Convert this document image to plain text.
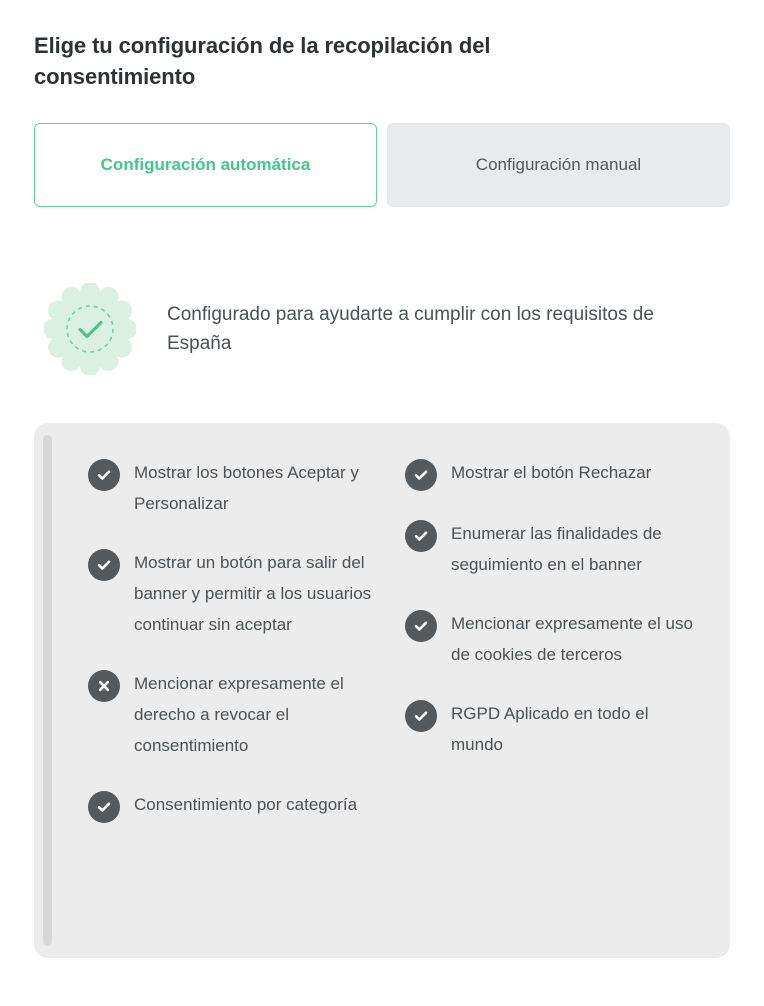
Elige tu configuración de la recopilación del consentimiento
Configuración automática	Configuración manual
Configurado para ayudarte a cumplir con los requisitos de España
Mostrar los botones Aceptar y Personalizar
Mostrar un botón para salir del banner y permitir a los usuarios continuar sin aceptar
Mencionar expresamente el derecho a revocar el consentimiento
Consentimiento por categoría
Mostrar el botón Rechazar
Enumerar las finalidades de seguimiento en el banner
Mencionar expresamente el uso de cookies de terceros
RGPD Aplicado en todo el mundo
